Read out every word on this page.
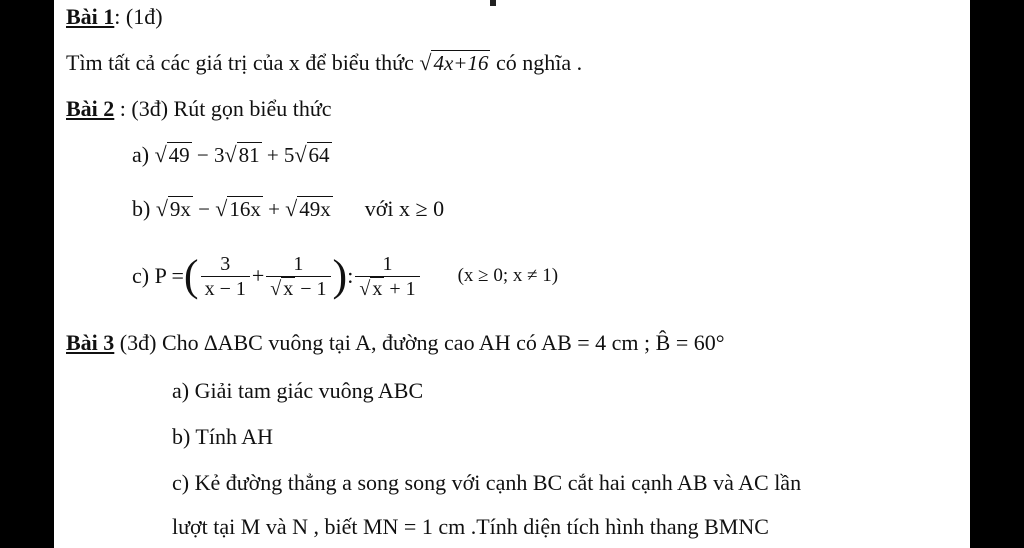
Bài 1: (1đ)
Tìm tất cả các giá trị của x để biểu thức √4x+16 có nghĩa .
Bài 2 : (3đ) Rút gọn biểu thức
a) √49 − 3√81 + 5√64
b) √9x − √16x + √49x với x ≥ 0
c) P = ( $\frac{3}{x - 1} + \frac{1}{√ x - 1}$ ) : $\frac{1}{√ x + 1} (x \ge 0$; x ≠ 1)
Bài 3 (3đ) Cho ∆ABC vuông tại A, đường cao AH có AB = 4 cm ; B̂ = 60°
a) Giải tam giác vuông ABC
b) Tính AH
c) Kẻ đường thẳng a song song với cạnh BC cắt hai cạnh AB và AC lần
lượt tại M và N , biết MN = 1 cm .Tính diện tích hình thang BMNC
